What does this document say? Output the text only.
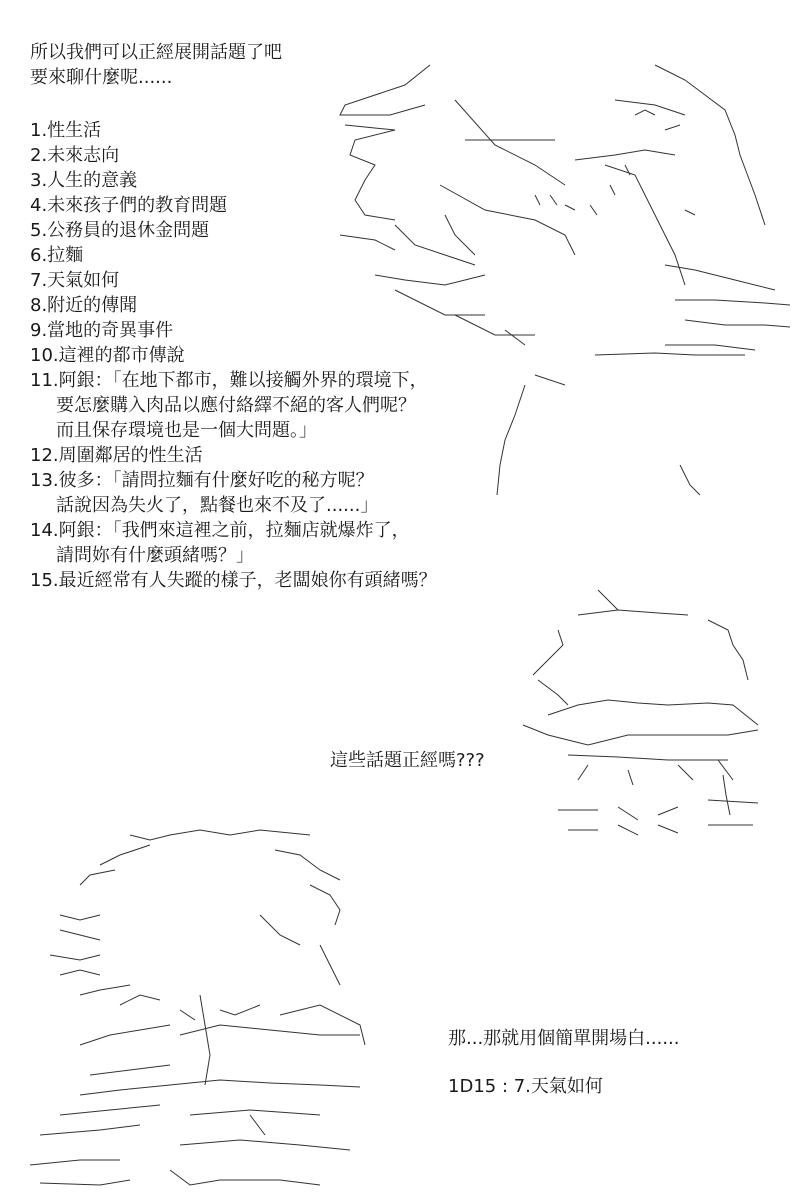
所以我們可以正經展開話題了吧
要來聊什麼呢......
1.性生活
2.未來志向
3.人生的意義
4.未來孩子們的教育問題
5.公務員的退休金問題
6.拉麵
7.天氣如何
8.附近的傳聞
9.當地的奇異事件
10.這裡的都市傳說
11.阿銀：「在地下都市，難以接觸外界的環境下，
要怎麼購入肉品以應付絡繹不絕的客人們呢？
而且保存環境也是一個大問題。」
12.周圍鄰居的性生活
13.彼多：「請問拉麵有什麼好吃的秘方呢？
話說因為失火了，點餐也來不及了......」
14.阿銀：「我們來這裡之前，拉麵店就爆炸了，
請問妳有什麼頭緒嗎？」
15.最近經常有人失蹤的樣子，老闆娘你有頭緒嗎？
這些話題正經嗎???
那...那就用個簡單開場白......
1D15 : 7.天氣如何
